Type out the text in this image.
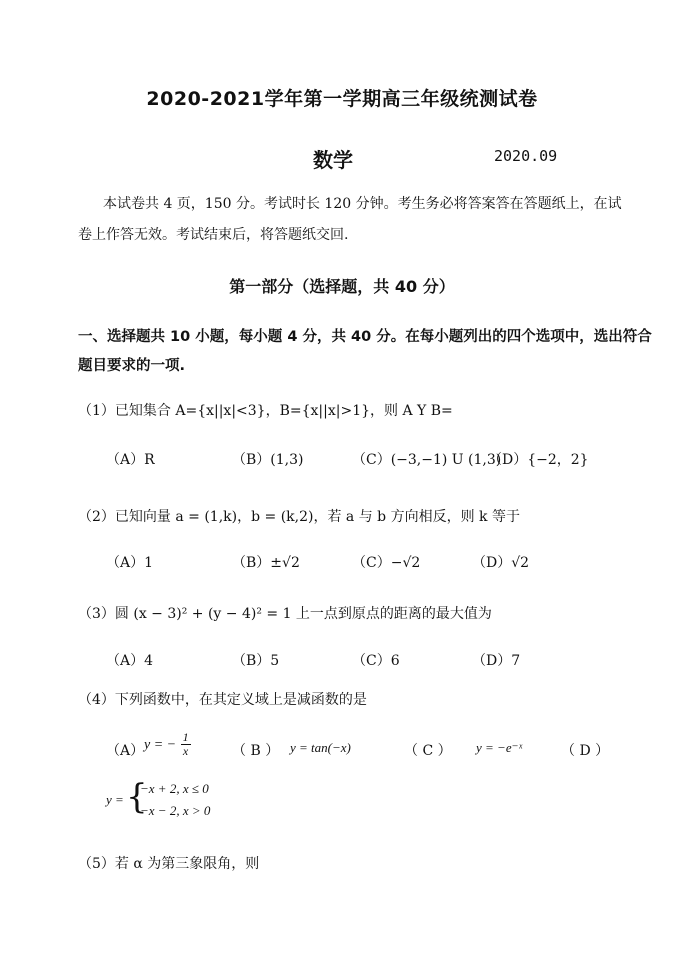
2020-2021学年第一学期高三年级统测试卷
数学	2020.09
本试卷共 4 页，150 分。考试时长 120 分钟。考生务必将答案答在答题纸上，在试
卷上作答无效。考试结束后，将答题纸交回.
第一部分（选择题，共 40 分）
一、选择题共 10 小题，每小题 4 分，共 40 分。在每小题列出的四个选项中，选出符合
题目要求的一项.
（1）已知集合 A={x||x|<3}，B={x||x|>1}，则 A Y B=
（A）R	（B）(1,3)	（C）(−3,−1) U (1,3)
（D）{−2，2}
（2）已知向量 a = (1,k)，b = (k,2)，若 a 与 b 方向相反，则 k 等于
（A）1	（B）±√2	（C）−√2	（D）√2
（3）圆 (x − 3)² + (y − 4)² = 1 上一点到原点的距离的最大值为
（A）4	（B）5	（C）6	（D）7
（4）下列函数中，在其定义域上是减函数的是
（A） y = − $\frac{1}{x}$	（ B ） y = tan(−x)	（ C ） y = −e⁻ˣ	（ D ）
y = {
−x + 2, x ≤ 0
−x − 2, x > 0
（5）若 α 为第三象限角，则
